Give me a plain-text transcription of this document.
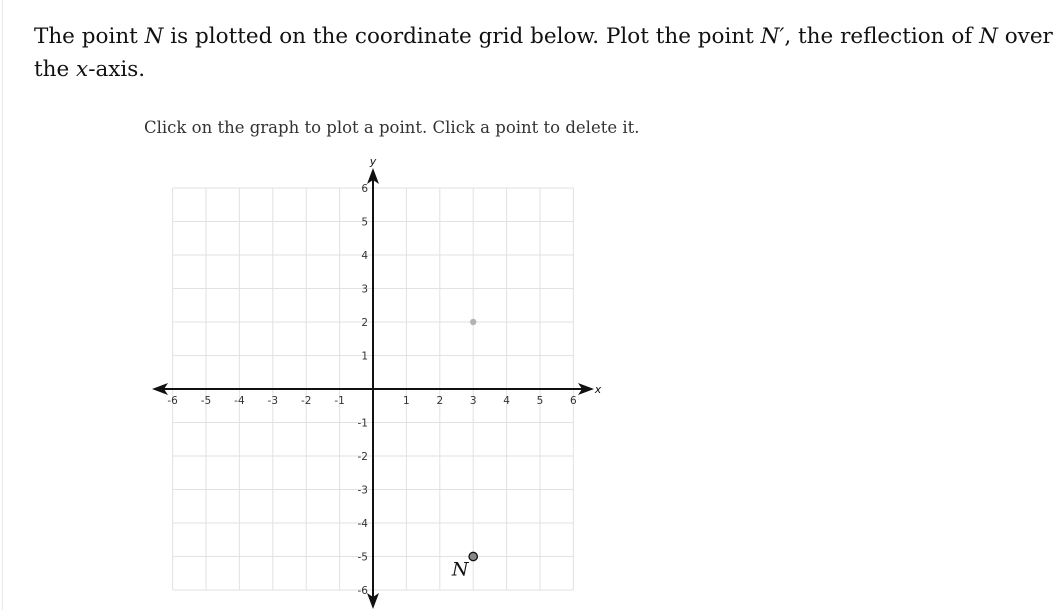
The point N is plotted on the coordinate grid below. Plot the point N′, the reflection of N over
the x-axis.
Click on the graph to plot a point. Click a point to delete it.
x
y
-6 -5 -4 -3 -2 -1	1	2	3	4	5	6
-6
-5
-4
-3
-2
-1
1
2
3
4
5
6
N
